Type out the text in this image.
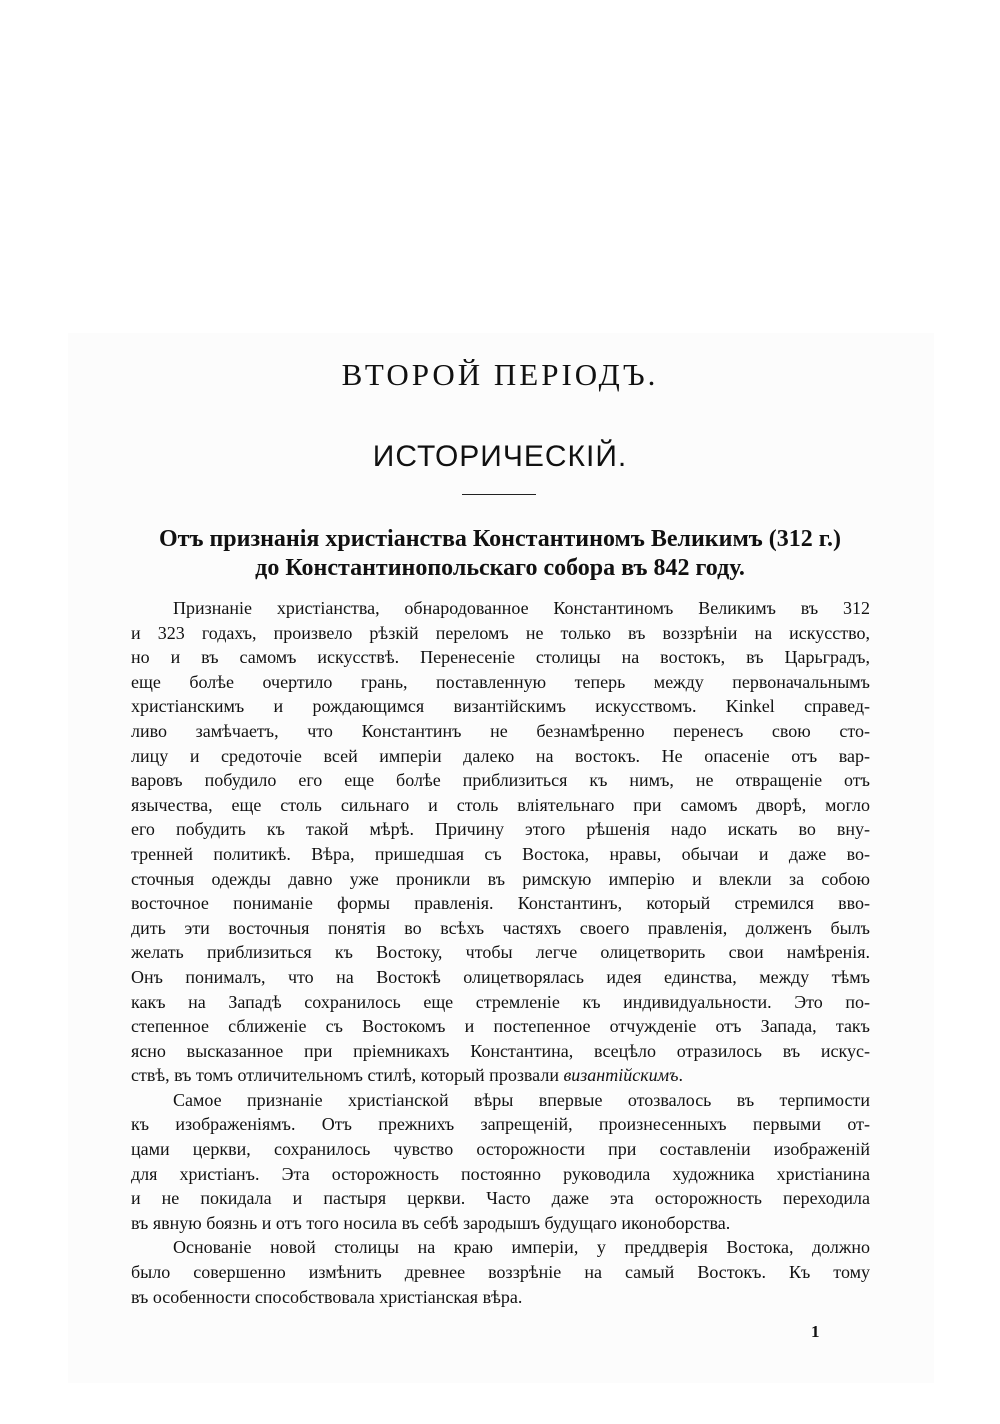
ВТОРОЙ ПЕРІОДЪ.
ИСТОРИЧЕСКІЙ.
Отъ признанія христіанства Константиномъ Великимъ (312 г.)
до Константинопольскаго собора въ 842 году.
Признаніе христіанства, обнародованное Константиномъ Великимъ въ 312
и 323 годахъ, произвело рѣзкій переломъ не только въ воззрѣніи на искусство,
но и въ самомъ искусствѣ. Перенесеніе столицы на востокъ, въ Царьградъ,
еще болѣе очертило грань, поставленную теперь между первоначальнымъ
христіанскимъ и рождающимся византійскимъ искусствомъ. Kinkel справед-
ливо замѣчаетъ, что Константинъ не безнамѣренно перенесъ свою сто-
лицу и средоточіе всей имперіи далеко на востокъ. Не опасеніе отъ вар-
варовъ побудило его еще болѣе приблизиться къ нимъ, не отвращеніе отъ
язычества, еще столь сильнаго и столь вліятельнаго при самомъ дворѣ, могло
его побудить къ такой мѣрѣ. Причину этого рѣшенія надо искать во вну-
тренней политикѣ. Вѣра, пришедшая съ Востока, нравы, обычаи и даже во-
сточныя одежды давно уже проникли въ римскую имперію и влекли за собою
восточное пониманіе формы правленія. Константинъ, который стремился вво-
дить эти восточныя понятія во всѣхъ частяхъ своего правленія, долженъ былъ
желать приблизиться къ Востоку, чтобы легче олицетворить свои намѣренія.
Онъ понималъ, что на Востокѣ олицетворялась идея единства, между тѣмъ
какъ на Западѣ сохранилось еще стремленіе къ индивидуальности. Это по-
степенное сближеніе съ Востокомъ и постепенное отчужденіе отъ Запада, такъ
ясно высказанное при пріемникахъ Константина, всецѣло отразилось въ искус-
ствѣ, въ томъ отличительномъ стилѣ, который прозвали византійскимъ.
Самое признаніе христіанской вѣры впервые отозвалось въ терпимости
къ изображеніямъ. Отъ прежнихъ запрещеній, произнесенныхъ первыми от-
цами церкви, сохранилось чувство осторожности при составленіи изображеній
для христіанъ. Эта осторожность постоянно руководила художника христіанина
и не покидала и пастыря церкви. Часто даже эта осторожность переходила
въ явную боязнь и отъ того носила въ себѣ зародышъ будущаго иконоборства.
Основаніе новой столицы на краю имперіи, у преддверія Востока, должно
было совершенно измѣнить древнее воззрѣніе на самый Востокъ. Къ тому
въ особенности способствовала христіанская вѣра.
1
